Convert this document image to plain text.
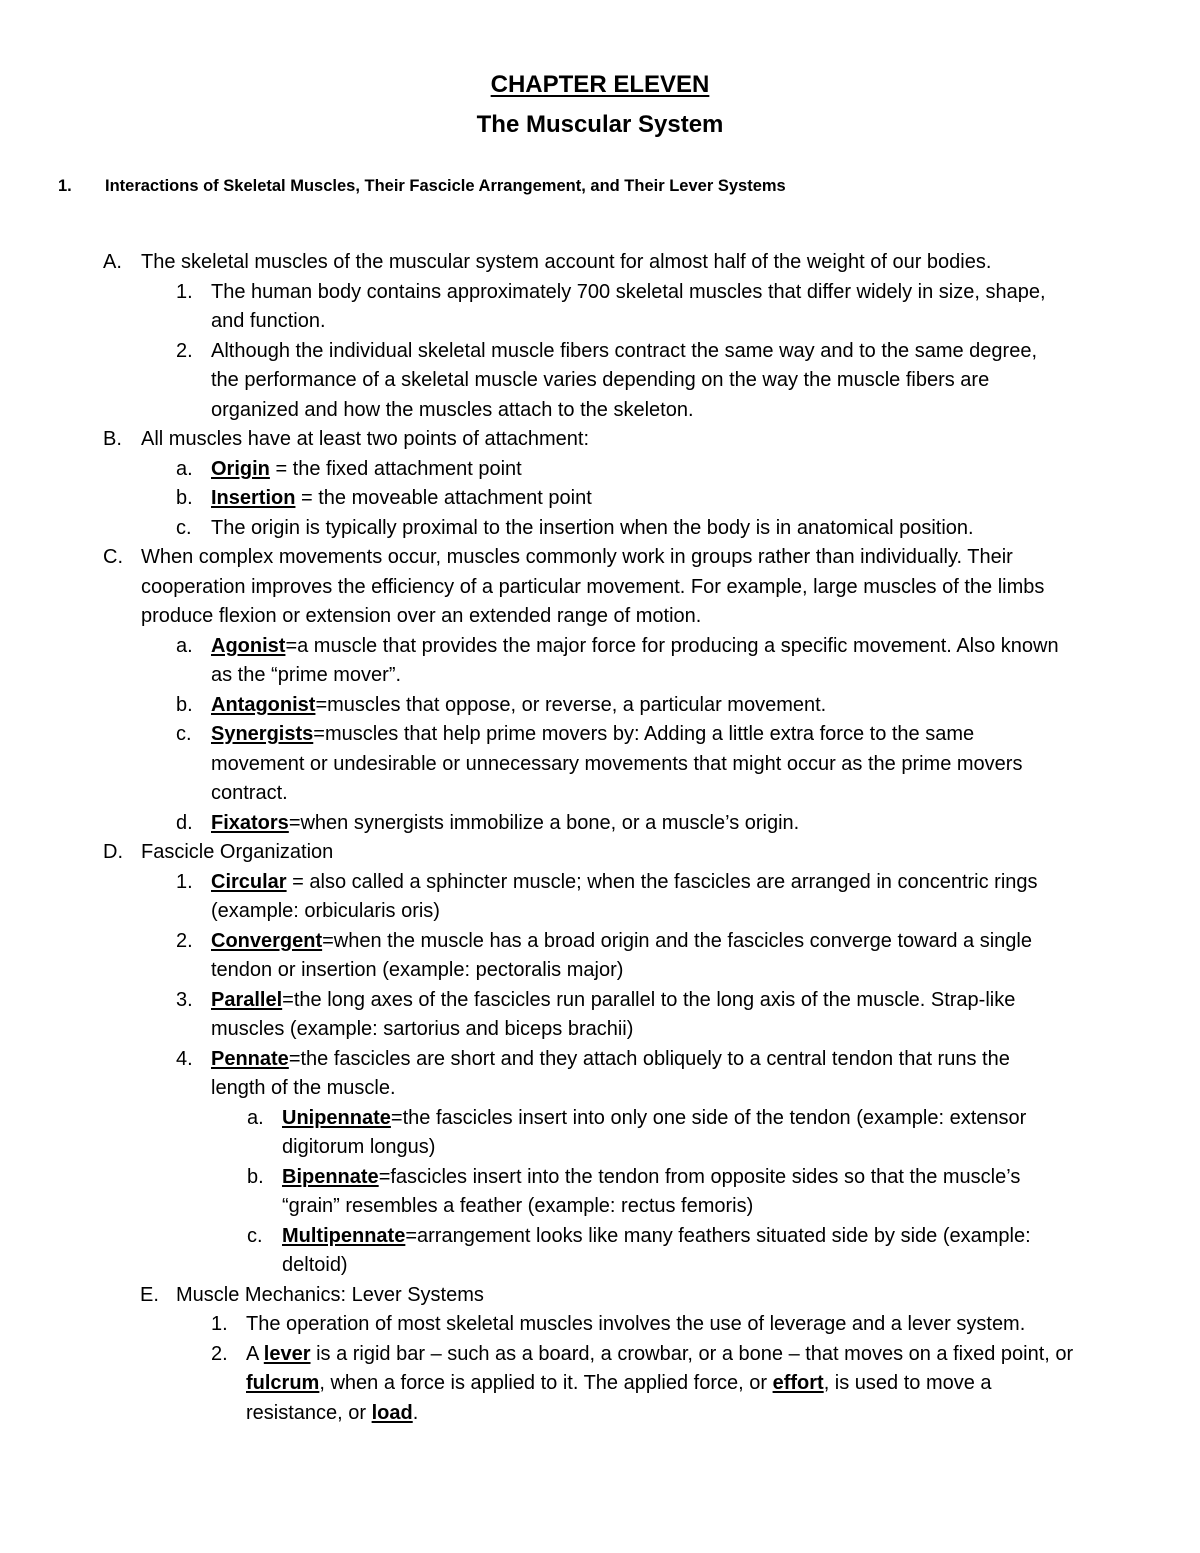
CHAPTER ELEVEN
The Muscular System
1.	Interactions of Skeletal Muscles, Their Fascicle Arrangement, and Their Lever Systems
A. The skeletal muscles of the muscular system account for almost half of the weight of our bodies.
1. The human body contains approximately 700 skeletal muscles that differ widely in size, shape,
and function.
2. Although the individual skeletal muscle fibers contract the same way and to the same degree,
the performance of a skeletal muscle varies depending on the way the muscle fibers are
organized and how the muscles attach to the skeleton.
B. All muscles have at least two points of attachment:
a. Origin = the fixed attachment point
b. Insertion = the moveable attachment point
c. The origin is typically proximal to the insertion when the body is in anatomical position.
C. When complex movements occur, muscles commonly work in groups rather than individually. Their
cooperation improves the efficiency of a particular movement. For example, large muscles of the limbs
produce flexion or extension over an extended range of motion.
a. Agonist=a muscle that provides the major force for producing a specific movement. Also known
as the “prime mover”.
b. Antagonist=muscles that oppose, or reverse, a particular movement.
c. Synergists=muscles that help prime movers by: Adding a little extra force to the same
movement or undesirable or unnecessary movements that might occur as the prime movers
contract.
d. Fixators=when synergists immobilize a bone, or a muscle’s origin.
D. Fascicle Organization
1. Circular = also called a sphincter muscle; when the fascicles are arranged in concentric rings
(example: orbicularis oris)
2. Convergent=when the muscle has a broad origin and the fascicles converge toward a single
tendon or insertion (example: pectoralis major)
3. Parallel=the long axes of the fascicles run parallel to the long axis of the muscle. Strap-like
muscles (example: sartorius and biceps brachii)
4. Pennate=the fascicles are short and they attach obliquely to a central tendon that runs the
length of the muscle.
a. Unipennate=the fascicles insert into only one side of the tendon (example: extensor
digitorum longus)
b. Bipennate=fascicles insert into the tendon from opposite sides so that the muscle’s
“grain” resembles a feather (example: rectus femoris)
c. Multipennate=arrangement looks like many feathers situated side by side (example:
deltoid)
E. Muscle Mechanics: Lever Systems
1. The operation of most skeletal muscles involves the use of leverage and a lever system.
2. A lever is a rigid bar – such as a board, a crowbar, or a bone – that moves on a fixed point, or
fulcrum, when a force is applied to it. The applied force, or effort, is used to move a
resistance, or load.
